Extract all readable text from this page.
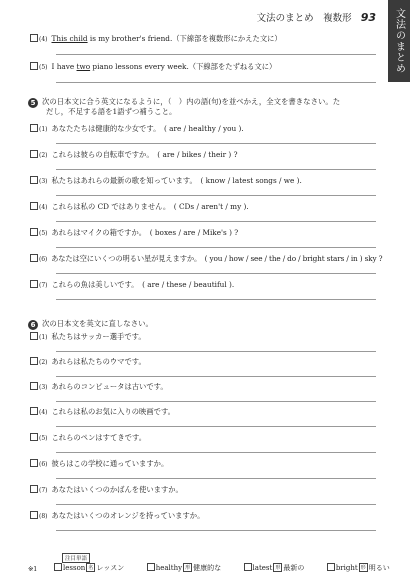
文法のまとめ
文法のまとめ　複数形 93
(4) This child is my brother's friend.（下線部を複数形にかえた文に）
(5) I have two piano lessons every week.（下線部をたずねる文に）
5 次の日本文に合う英文になるように，（　）内の語(句)を並べかえ，全文を書きなさい。た
だし，不足する語を1語ずつ補うこと。
(1) あなたたちは健康的な少女です。　( are / healthy / you ).
(2) これらは彼らの自転車ですか。　( are / bikes / their ) ?
(3) 私たちはあれらの最新の歌を知っています。　( know / latest songs / we ).
(4) これらは私の CD ではありません。　( CDs / aren't / my ).
(5) あれらはマイクの箱ですか。　( boxes / are / Mike's ) ?
(6) あなたは空にいくつの明るい星が見えますか。　( you / how / see / the / do / bright stars / in ) sky ?
(7) これらの魚は美しいです。　( are / these / beautiful ).
6 次の日本文を英文に直しなさい。
(1) 私たちはサッカー選手です。
(2) あれらは私たちのウマです。
(3) あれらのコンピュータは古いです。
(4) これらは私のお気に入りの映画です。
(5) これらのペンはすてきです。
(6) 彼らはこの学校に通っていますか。
(7) あなたはいくつのかばんを使いますか。
(8) あなたはいくつのオレンジを持っていますか。
注目単語
※1	lesson 名 レッスン	healthy 形 健康的な	latest 形 最新の	bright 形 明るい
